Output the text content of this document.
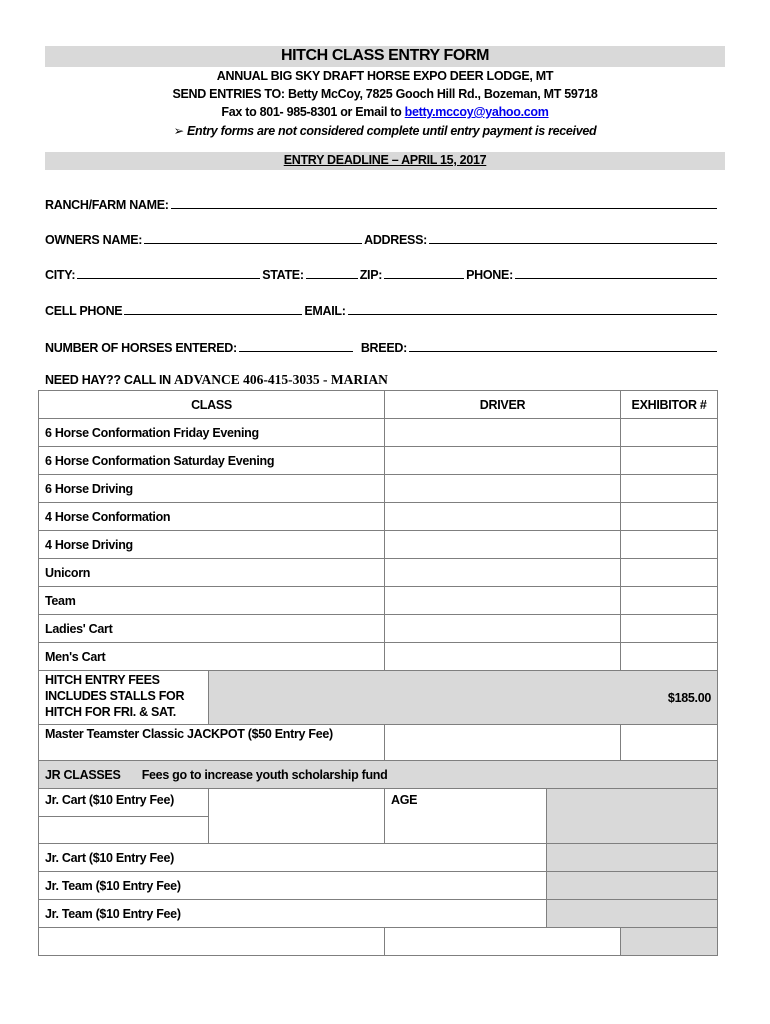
HITCH CLASS ENTRY FORM
ANNUAL BIG SKY DRAFT HORSE EXPO DEER LODGE, MT
SEND ENTRIES TO: Betty McCoy, 7825 Gooch Hill Rd., Bozeman, MT 59718
Fax to 801- 985-8301 or Email to betty.mccoy@yahoo.com
➢ Entry forms are not considered complete until entry payment is received
ENTRY DEADLINE – APRIL 15, 2017
RANCH/FARM NAME:
OWNERS NAME:	ADDRESS:
CITY:	STATE:	ZIP:	PHONE:
CELL PHONE	EMAIL:
NUMBER OF HORSES ENTERED:	BREED:
NEED HAY?? CALL IN ADVANCE 406-415-3035 - MARIAN
CLASS		DRIVER		EXHIBITOR #
6 Horse Conformation Friday Evening				
6 Horse Conformation Saturday Evening				
6 Horse Driving				
4 Horse Conformation				
4 Horse Driving				
Unicorn				
Team				
Ladies' Cart				
Men's Cart				
HITCH ENTRY FEES INCLUDES STALLS FOR HITCH FOR FRI. & SAT.	$185.00			
Master Teamster Classic JACKPOT ($50 Entry Fee)				
JR CLASSES Fees go to increase youth scholarship fund				
Jr. Cart ($10 Entry Fee)		AGE		

Jr. Cart ($10 Entry Fee)				
Jr. Team ($10 Entry Fee)				
Jr. Team ($10 Entry Fee)				
